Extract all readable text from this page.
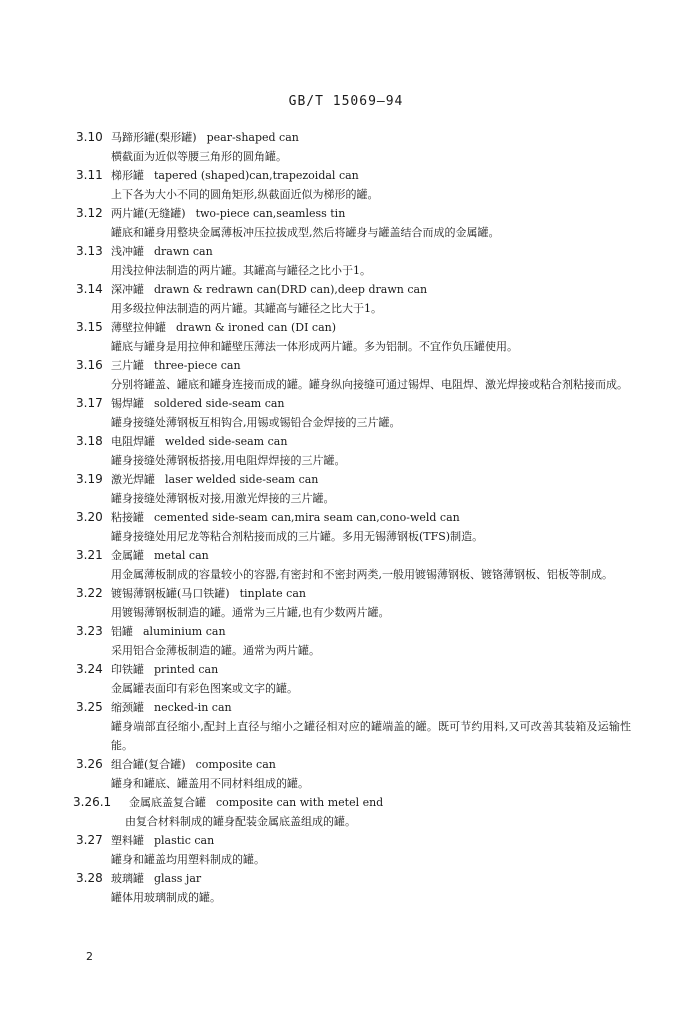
GB/T 15069—94
3.10 马蹄形罐(梨形罐) pear-shaped can
横截面为近似等腰三角形的圆角罐。
3.11 梯形罐 tapered (shaped)can,trapezoidal can
上下各为大小不同的圆角矩形,纵截面近似为梯形的罐。
3.12 两片罐(无缝罐) two-piece can,seamless tin
罐底和罐身用整块金属薄板冲压拉拔成型,然后将罐身与罐盖结合而成的金属罐。
3.13 浅冲罐 drawn can
用浅拉伸法制造的两片罐。其罐高与罐径之比小于1。
3.14 深冲罐 drawn & redrawn can(DRD can),deep drawn can
用多级拉伸法制造的两片罐。其罐高与罐径之比大于1。
3.15 薄壁拉伸罐 drawn & ironed can (DI can)
罐底与罐身是用拉伸和罐壁压薄法一体形成两片罐。多为铝制。不宜作负压罐使用。
3.16 三片罐 three-piece can
分别将罐盖、罐底和罐身连接而成的罐。罐身纵向接缝可通过锡焊、电阻焊、激光焊接或粘合剂粘接而成。
3.17 锡焊罐 soldered side-seam can
罐身接缝处薄钢板互相钩合,用锡或锡铅合金焊接的三片罐。
3.18 电阻焊罐 welded side-seam can
罐身接缝处薄钢板搭接,用电阻焊焊接的三片罐。
3.19 激光焊罐 laser welded side-seam can
罐身接缝处薄钢板对接,用激光焊接的三片罐。
3.20 粘接罐 cemented side-seam can,mira seam can,cono-weld can
罐身接缝处用尼龙等粘合剂粘接而成的三片罐。多用无锡薄钢板(TFS)制造。
3.21 金属罐 metal can
用金属薄板制成的容量较小的容器,有密封和不密封两类,一般用镀锡薄钢板、镀铬薄钢板、铝板等制成。
3.22 镀锡薄钢板罐(马口铁罐) tinplate can
用镀锡薄钢板制造的罐。通常为三片罐,也有少数两片罐。
3.23 铝罐 aluminium can
采用铝合金薄板制造的罐。通常为两片罐。
3.24 印铁罐 printed can
金属罐表面印有彩色图案或文字的罐。
3.25 缩颈罐 necked-in can
罐身端部直径缩小,配封上直径与缩小之罐径相对应的罐端盖的罐。既可节约用料,又可改善其装箱及运输性能。
3.26 组合罐(复合罐) composite can
罐身和罐底、罐盖用不同材料组成的罐。
3.26.1 金属底盖复合罐 composite can with metel end
由复合材料制成的罐身配装金属底盖组成的罐。
3.27 塑料罐 plastic can
罐身和罐盖均用塑料制成的罐。
3.28 玻璃罐 glass jar
罐体用玻璃制成的罐。
2
